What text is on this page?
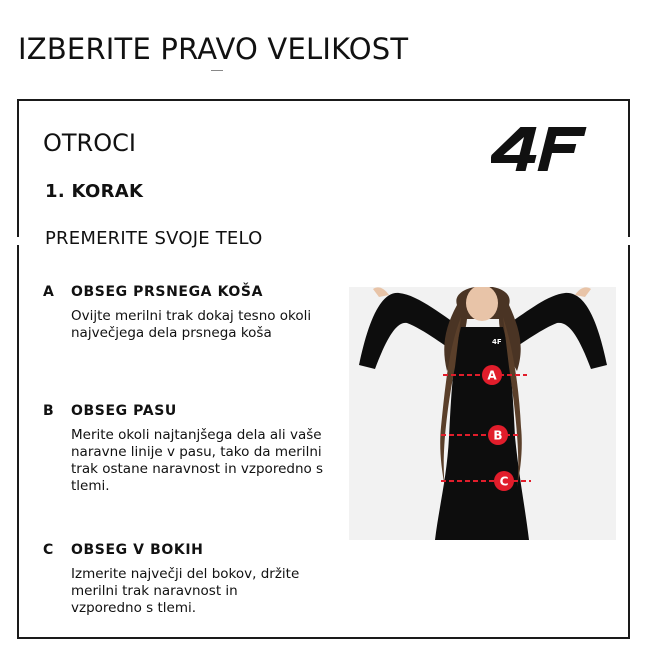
IZBERITE PRAVO VELIKOST
OTROCI
1. KORAK

PREMERITE SVOJE TELO

A OBSEG PRSNEGA KOŠA
Ovijte merilni trak dokaj tesno okoli največjega dela prsnega koša
B OBSEG PASU
Merite okoli najtanjšega dela ali vaše naravne linije v pasu, tako da merilni trak ostane naravnost in vzporedno s tlemi.
C OBSEG V BOKIH
Izmerite največji del bokov, držite merilni trak naravnost in vzporedno s tlemi.
4F
A
B
C
